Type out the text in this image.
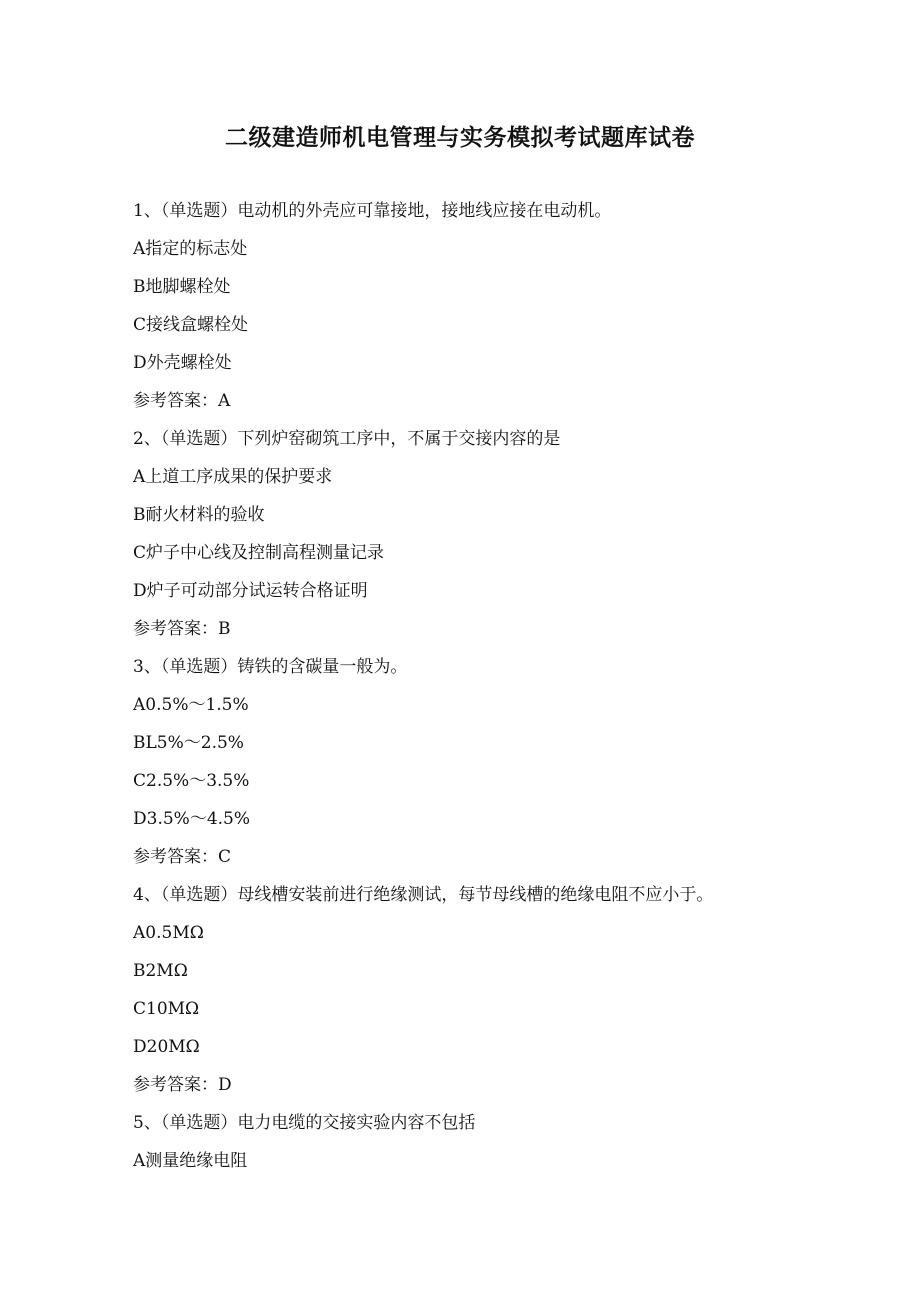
二级建造师机电管理与实务模拟考试题库试卷
1、（单选题）电动机的外壳应可靠接地，接地线应接在电动机。
A指定的标志处
B地脚螺栓处
C接线盒螺栓处
D外壳螺栓处
参考答案：A
2、（单选题）下列炉窑砌筑工序中，不属于交接内容的是
A上道工序成果的保护要求
B耐火材料的验收
C炉子中心线及控制高程测量记录
D炉子可动部分试运转合格证明
参考答案：B
3、（单选题）铸铁的含碳量一般为。
A0.5%～1.5%
BL5%～2.5%
C2.5%～3.5%
D3.5%～4.5%
参考答案：C
4、（单选题）母线槽安装前进行绝缘测试，每节母线槽的绝缘电阻不应小于。
A0.5MΩ
B2MΩ
C10MΩ
D20MΩ
参考答案：D
5、（单选题）电力电缆的交接实验内容不包括
A测量绝缘电阻
